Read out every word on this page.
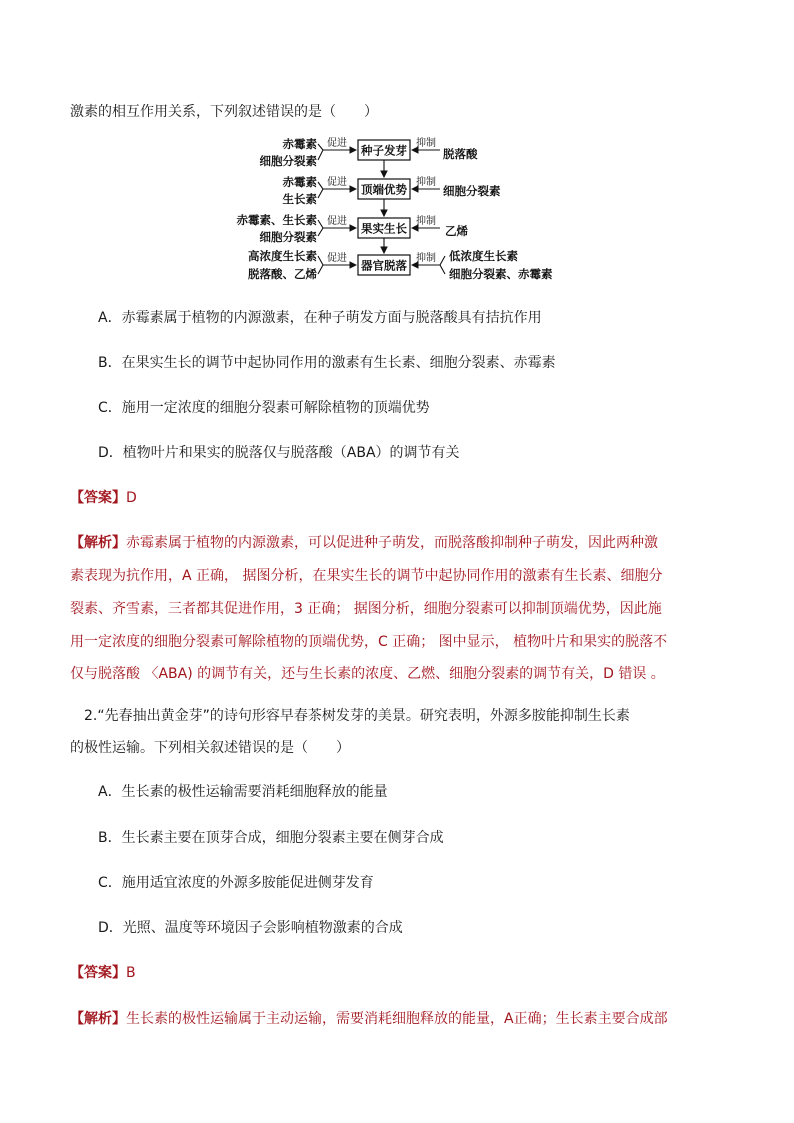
激素的相互作用关系，下列叙述错误的是（　　）
种子发芽
顶端优势
果实生长
器官脱落
赤霉素
细胞分裂素
促进	抑制
脱落酸
赤霉素
生长素
促进	抑制
细胞分裂素
赤霉素、生长素
细胞分裂素
促进	抑制
乙烯
高浓度生长素
脱落酸、乙烯
促进	抑制 低浓度生长素
细胞分裂素、赤霉素
A．赤霉素属于植物的内源激素，在种子萌发方面与脱落酸具有拮抗作用
B．在果实生长的调节中起协同作用的激素有生长素、细胞分裂素、赤霉素
C．施用一定浓度的细胞分裂素可解除植物的顶端优势
D．植物叶片和果实的脱落仅与脱落酸（ABA）的调节有关
【答案】D
【解析】赤霉素属于植物的内源激素，可以促进种子萌发，而脱落酸抑制种子萌发，因此两种激
素表现为抗作用，A 正确， 据图分析，在果实生长的调节中起协同作用的激素有生长素、细胞分
裂素、齐雪素，三者都其促进作用，3 正确； 据图分析，细胞分裂素可以抑制顶端优势，因此施
用一定浓度的细胞分裂素可解除植物的顶端优势，C 正确； 图中显示， 植物叶片和果实的脱落不
仅与脱落酸 〈ABA) 的调节有关，还与生长素的浓度、乙燃、细胞分裂素的调节有关，D 错误 。
2.“先春抽出黄金芽”的诗句形容早春茶树发芽的美景。研究表明，外源多胺能抑制生长素
的极性运输。下列相关叙述错误的是（　　）
A．生长素的极性运输需要消耗细胞释放的能量
B．生长素主要在顶芽合成，细胞分裂素主要在侧芽合成
C．施用适宜浓度的外源多胺能促进侧芽发育
D．光照、温度等环境因子会影响植物激素的合成
【答案】B
【解析】生长素的极性运输属于主动运输，需要消耗细胞释放的能量，A正确；生长素主要合成部
